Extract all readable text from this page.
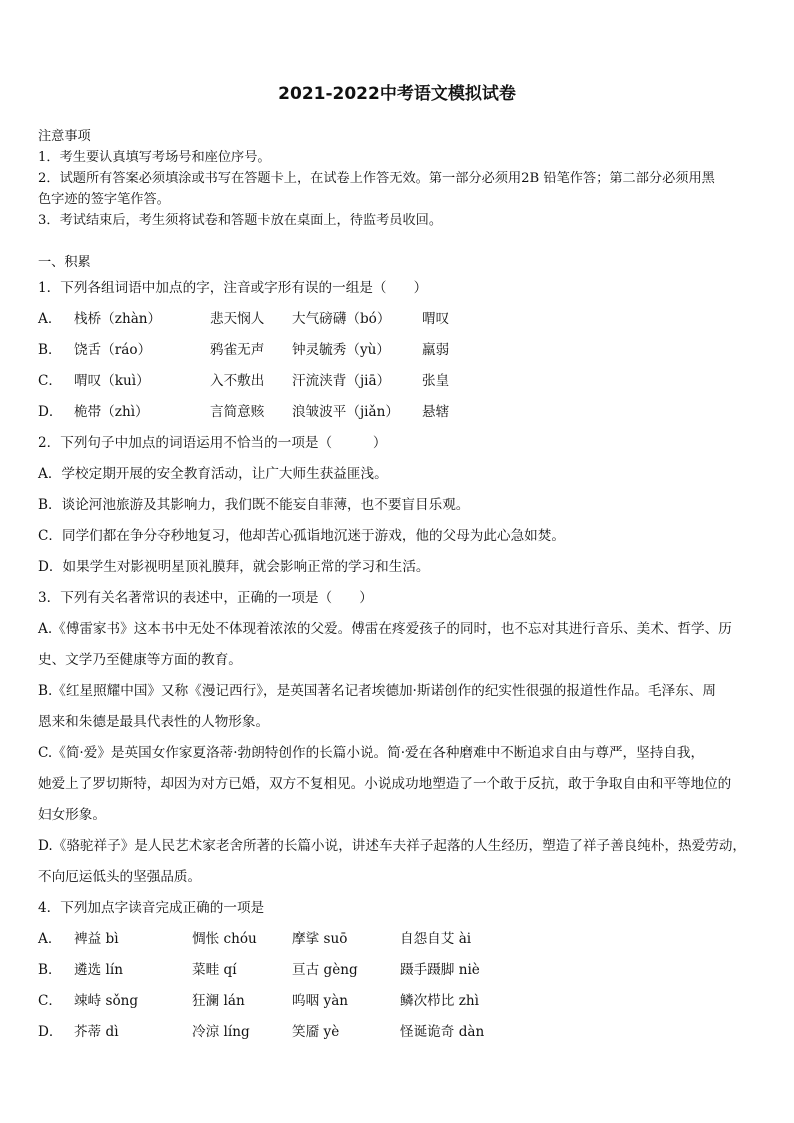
2021-2022中考语文模拟试卷
注意事项
1．考生要认真填写考场号和座位序号。
2．试题所有答案必须填涂或书写在答题卡上，在试卷上作答无效。第一部分必须用2B 铅笔作答；第二部分必须用黑
色字迹的签字笔作答。
3．考试结束后，考生须将试卷和答题卡放在桌面上，待监考员收回。
一、积累
1．下列各组词语中加点的字，注音或字形有误的一组是（　　）
A． 栈桥（zhàn）	悲天悯人	大气磅礴（bó）	喟叹
B． 饶舌（ráo）	鸦雀无声	钟灵毓秀（yù）	羸弱
C． 喟叹（kuì）	入不敷出	汗流浃背（jiā）	张皇
D． 桅帯（zhì）	言简意赅	浪皱波平（jiǎn）	悬辖
2．下列句子中加点的词语运用不恰当的一项是（　　　）
A．学校定期开展的安全教育活动，让广大师生获益匪浅。
B．谈论河池旅游及其影响力，我们既不能妄自菲薄，也不要盲目乐观。
C．同学们都在争分夺秒地复习，他却苦心孤诣地沉迷于游戏，他的父母为此心急如焚。
D．如果学生对影视明星顶礼膜拜，就会影响正常的学习和生活。
3．下列有关名著常识的表述中，正确的一项是（　　）
A.《傅雷家书》这本书中无处不体现着浓浓的父爱。傅雷在疼爱孩子的同时，也不忘对其进行音乐、美术、哲学、历
史、文学乃至健康等方面的教育。
B.《红星照耀中国》又称《漫记西行》，是英国著名记者埃德加·斯诺创作的纪实性很强的报道性作品。毛泽东、周
恩来和朱德是最具代表性的人物形象。
C.《简·爱》是英国女作家夏洛蒂·勃朗特创作的长篇小说。简·爱在各种磨难中不断追求自由与尊严，坚持自我，
她爱上了罗切斯特，却因为对方已婚，双方不复相见。小说成功地塑造了一个敢于反抗，敢于争取自由和平等地位的
妇女形象。
D.《骆驼祥子》是人民艺术家老舍所著的长篇小说，讲述车夫祥子起落的人生经历，塑造了祥子善良纯朴，热爱劳动，
不向厄运低头的坚强品质。
4．下列加点字读音完成正确的一项是
A． 裨益 bì	惆怅 chóu	摩挲 suō	自怨自艾 ài
B． 遴选 lín	菜畦 qí	亘古 gèng	蹑手蹑脚 niè
C． 竦峙 sǒng	狂澜 lán	呜咽 yàn	鳞次栉比 zhì
D． 芥蒂 dì	冷涼 líng	笑靥 yè	怪诞诡奇 dàn
